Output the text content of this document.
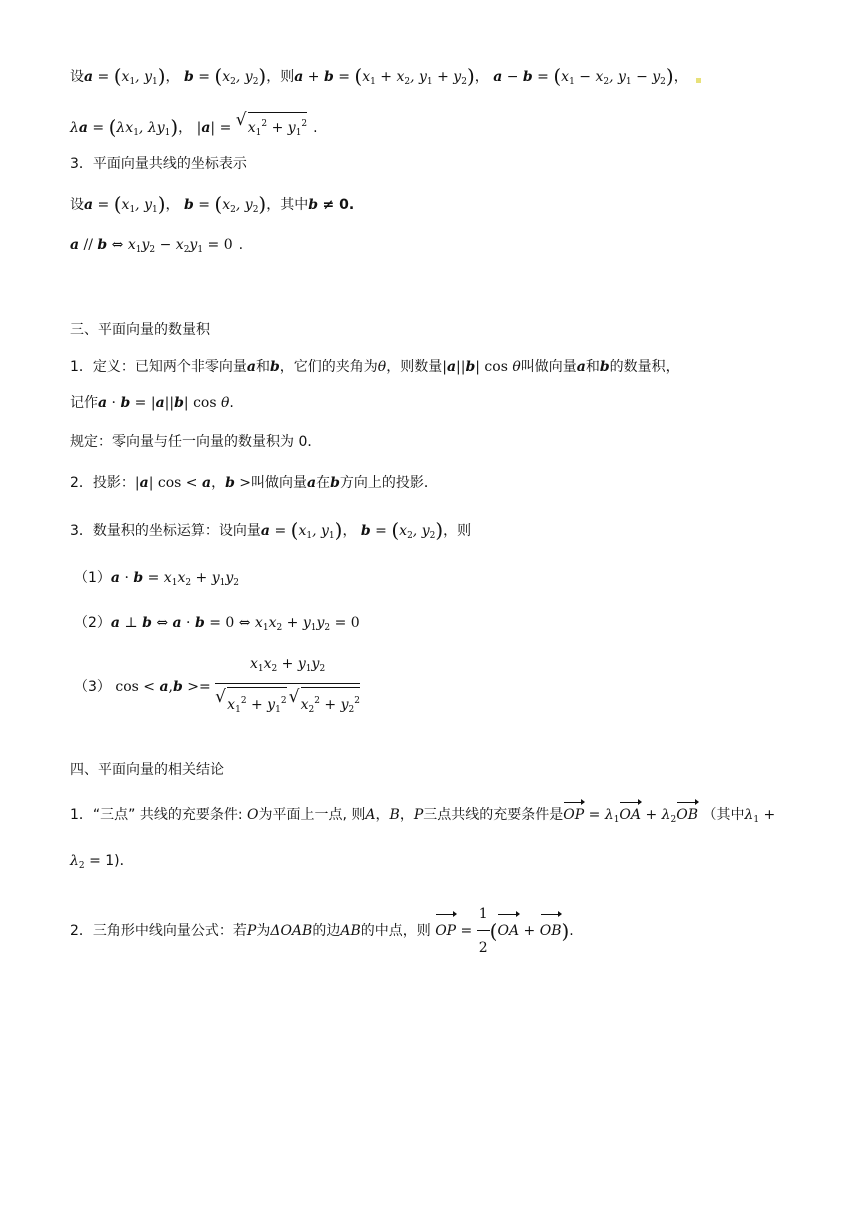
设$a = (x_1$, $y_1$)， $b = (x_2$, $y_2$)，则$a + b = (x_1 + x_2$, $y_1 + y_2$)， $a - b = (x_1 - x_2$, $y_1 - y_2$)，
$\lambda a = (\lambda x_1$, $\lambda y_1$)， |a| = √ $x_1^2 + y_1^2$ .
3．平面向量共线的坐标表示
设$a = (x_1$, $y_1$)， $b = (x_2$, $y_2$)，其中b ≠ 0.
a // b ⇔ $x_1y_2 - x_2y_1 = 0$ .
三、平面向量的数量积
1．定义：已知两个非零向量a和b，它们的夹角为θ，则数量|a||b| cos θ叫做向量a和b的数量积，
记作a · b = |a||b| cos θ.
规定：零向量与任一向量的数量积为 0．
2．投影：|a| cos < a，b >叫做向量a在b方向上的投影．
3．数量积的坐标运算：设向量$a = (x_1$, $y_1$)， $b = (x_2$, $y_2$)，则
$(1)a \cdot b = x_1x_2 + y_1y_2$
（2）a ⊥ b ⇔ a · b = 0 ⇔ $x_1x_2 + y_1y_2 = 0$
（3） $\cos < a,b >= \frac{x_1x_2 + y_1y_2}{√ x_1^2 + y_1^2 √ x_2^2 + y_2^2}$
四、平面向量的相关结论
1．“三点” 共线的充要条件: O为平面上一点, 则A，B，P三点共线的充要条件是OP = $\lambda_1OA + \lambda_2OB$ （其中$\lambda_1$ +
$\lambda_2 = 1$)．
2．三角形中线向量公式：若P为ΔOAB的边AB的中点，则 OP = $\frac{1}{2} (OA + OB)$.
